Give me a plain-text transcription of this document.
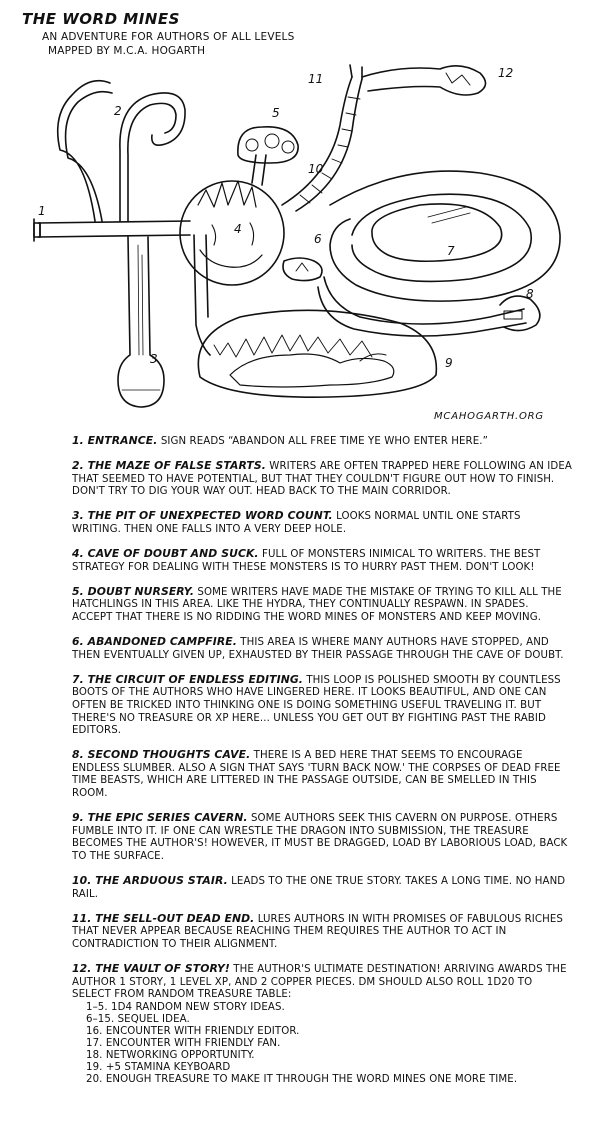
THE WORD MINES
AN ADVENTURE FOR AUTHORS OF ALL LEVELS
MAPPED BY M.C.A. HOGARTH
1
2
3
4
5
6
7
8
9
10
11	12
MCAHOGARTH.ORG
1. ENTRANCE. SIGN READS “ABANDON ALL FREE TIME YE WHO ENTER HERE.”
2. THE MAZE OF FALSE STARTS. WRITERS ARE OFTEN TRAPPED HERE FOLLOWING AN IDEA THAT SEEMED TO HAVE POTENTIAL, BUT THAT THEY COULDN'T FIGURE OUT HOW TO FINISH. DON'T TRY TO DIG YOUR WAY OUT. HEAD BACK TO THE MAIN CORRIDOR.
3. THE PIT OF UNEXPECTED WORD COUNT. LOOKS NORMAL UNTIL ONE STARTS WRITING. THEN ONE FALLS INTO A VERY DEEP HOLE.
4. CAVE OF DOUBT AND SUCK. FULL OF MONSTERS INIMICAL TO WRITERS. THE BEST STRATEGY FOR DEALING WITH THESE MONSTERS IS TO HURRY PAST THEM. DON'T LOOK!
5. DOUBT NURSERY. SOME WRITERS HAVE MADE THE MISTAKE OF TRYING TO KILL ALL THE HATCHLINGS IN THIS AREA. LIKE THE HYDRA, THEY CONTINUALLY RESPAWN. IN SPADES. ACCEPT THAT THERE IS NO RIDDING THE WORD MINES OF MONSTERS AND KEEP MOVING.
6. ABANDONED CAMPFIRE. THIS AREA IS WHERE MANY AUTHORS HAVE STOPPED, AND THEN EVENTUALLY GIVEN UP, EXHAUSTED BY THEIR PASSAGE THROUGH THE CAVE OF DOUBT.
7. THE CIRCUIT OF ENDLESS EDITING. THIS LOOP IS POLISHED SMOOTH BY COUNTLESS BOOTS OF THE AUTHORS WHO HAVE LINGERED HERE. IT LOOKS BEAUTIFUL, AND ONE CAN OFTEN BE TRICKED INTO THINKING ONE IS DOING SOMETHING USEFUL TRAVELING IT. BUT THERE'S NO TREASURE OR XP HERE... UNLESS YOU GET OUT BY FIGHTING PAST THE RABID EDITORS.
8. SECOND THOUGHTS CAVE. THERE IS A BED HERE THAT SEEMS TO ENCOURAGE ENDLESS SLUMBER. ALSO A SIGN THAT SAYS 'TURN BACK NOW.' THE CORPSES OF DEAD FREE TIME BEASTS, WHICH ARE LITTERED IN THE PASSAGE OUTSIDE, CAN BE SMELLED IN THIS ROOM.
9. THE EPIC SERIES CAVERN. SOME AUTHORS SEEK THIS CAVERN ON PURPOSE. OTHERS FUMBLE INTO IT. IF ONE CAN WRESTLE THE DRAGON INTO SUBMISSION, THE TREASURE BECOMES THE AUTHOR'S! HOWEVER, IT MUST BE DRAGGED, LOAD BY LABORIOUS LOAD, BACK TO THE SURFACE.
10. THE ARDUOUS STAIR. LEADS TO THE ONE TRUE STORY. TAKES A LONG TIME. NO HAND RAIL.
11. THE SELL-OUT DEAD END. LURES AUTHORS IN WITH PROMISES OF FABULOUS RICHES THAT NEVER APPEAR BECAUSE REACHING THEM REQUIRES THE AUTHOR TO ACT IN CONTRADICTION TO THEIR ALIGNMENT.
12. THE VAULT OF STORY! THE AUTHOR'S ULTIMATE DESTINATION! ARRIVING AWARDS THE AUTHOR 1 STORY, 1 LEVEL XP, AND 2 COPPER PIECES. DM SHOULD ALSO ROLL 1D20 TO SELECT FROM RANDOM TREASURE TABLE:
1–5. 1D4 RANDOM NEW STORY IDEAS.
6–15. SEQUEL IDEA.
16. ENCOUNTER WITH FRIENDLY EDITOR.
17. ENCOUNTER WITH FRIENDLY FAN.
18. NETWORKING OPPORTUNITY.
19. +5 STAMINA KEYBOARD
20. ENOUGH TREASURE TO MAKE IT THROUGH THE WORD MINES ONE MORE TIME.
